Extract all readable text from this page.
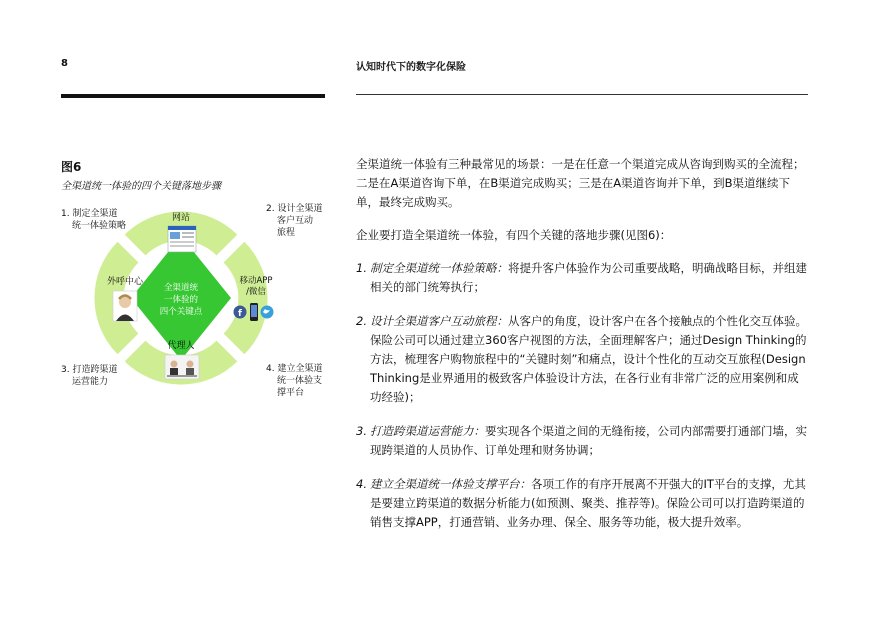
8	认知时代下的数字化保险
图6
全渠道统一体验的四个关键落地步骤
1. 制定全渠道
统一体验策略
2. 设计全渠道
客户互动
旅程
3. 打造跨渠道
运营能力
4. 建立全渠道
统一体验支
撑平台
网站
外呼中心	移动APP
/微信
代理人
全渠道统
一体验的
四个关键点	f

全渠道统一体验有三种最常见的场景：一是在任意一个渠道完成从咨询到购买的全流程；二是在A渠道咨询下单，在B渠道完成购买；三是在A渠道咨询并下单，到B渠道继续下单，最终完成购买。

企业要打造全渠道统一体验，有四个关键的落地步骤(见图6)：

1. 制定全渠道统一体验策略：将提升客户体验作为公司重要战略，明确战略目标，并组建相关的部门统筹执行；
2. 设计全渠道客户互动旅程：从客户的角度，设计客户在各个接触点的个性化交互体验。保险公司可以通过建立360客户视图的方法，全面理解客户；通过Design Thinking的方法，梳理客户购物旅程中的“关键时刻”和痛点，设计个性化的互动交互旅程(Design Thinking是业界通用的极致客户体验设计方法，在各行业有非常广泛的应用案例和成功经验)；
3. 打造跨渠道运营能力：要实现各个渠道之间的无缝衔接，公司内部需要打通部门墙，实现跨渠道的人员协作、订单处理和财务协调；
4. 建立全渠道统一体验支撑平台：各项工作的有序开展离不开强大的IT平台的支撑，尤其是要建立跨渠道的数据分析能力(如预测、聚类、推荐等)。保险公司可以打造跨渠道的销售支撑APP，打通营销、业务办理、保全、服务等功能，极大提升效率。
